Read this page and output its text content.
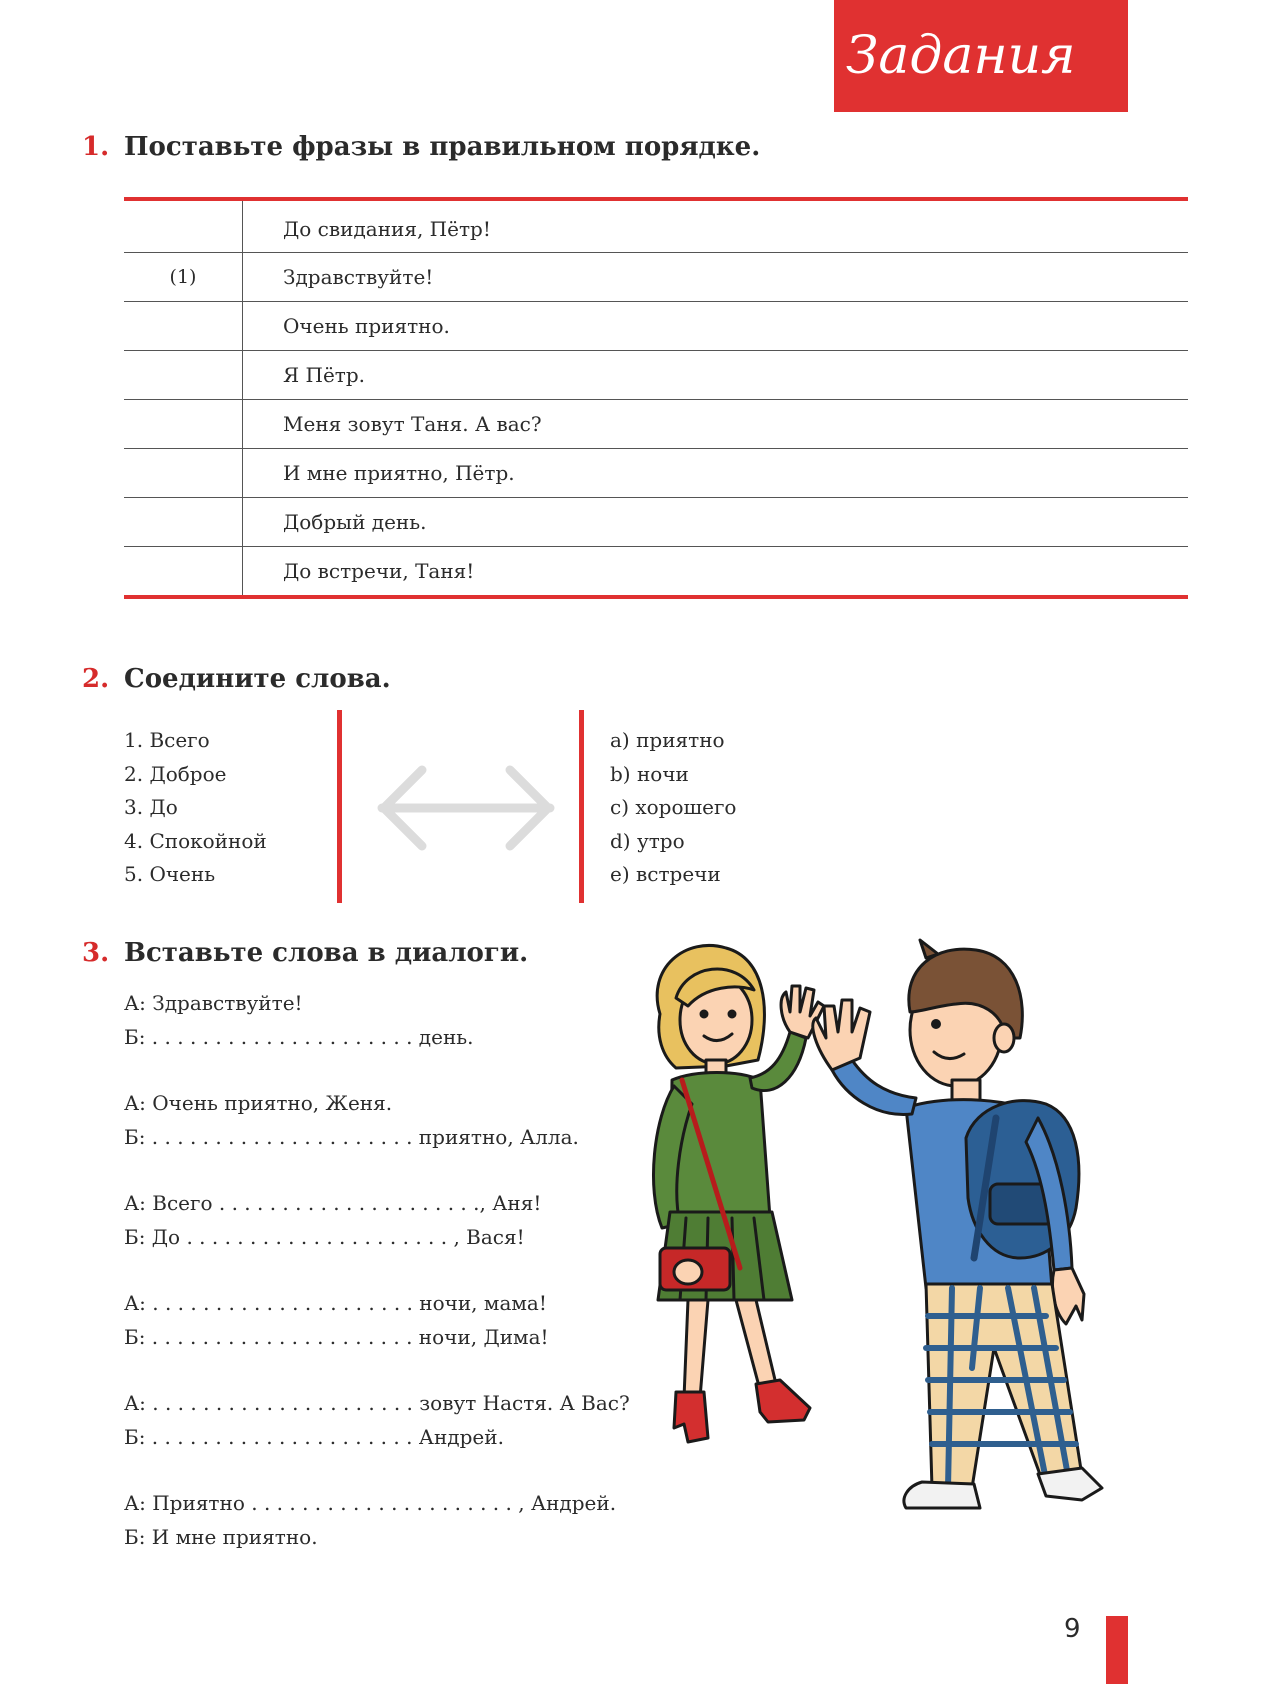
Задания
1. Поставьте фразы в правильном порядке.
До свидания, Пётр!
(1)	Здравствуйте!
Очень приятно.
Я Пётр.
Меня зовут Таня. А вас?
И мне приятно, Пётр.
Добрый день.
До встречи, Таня!
2. Соедините слова.
1. Всего
2. Доброе
3. До
4. Спокойной
5. Очень
a) приятно
b) ночи
c) хорошего
d) утро
e) встречи
3. Вставьте слова в диалоги.
А: Здравствуйте!
Б: . . . . . . . . . . . . . . . . . . . . . день.
А: Очень приятно, Женя.
Б: . . . . . . . . . . . . . . . . . . . . . приятно, Алла.
А: Всего . . . . . . . . . . . . . . . . . . . . ., Аня!
Б: До . . . . . . . . . . . . . . . . . . . . . , Вася!
А: . . . . . . . . . . . . . . . . . . . . . ночи, мама!
Б: . . . . . . . . . . . . . . . . . . . . . ночи, Дима!
А: . . . . . . . . . . . . . . . . . . . . . зовут Настя. А Вас?
Б: . . . . . . . . . . . . . . . . . . . . . Андрей.
А: Приятно . . . . . . . . . . . . . . . . . . . . . , Андрей.
Б: И мне приятно.
9
